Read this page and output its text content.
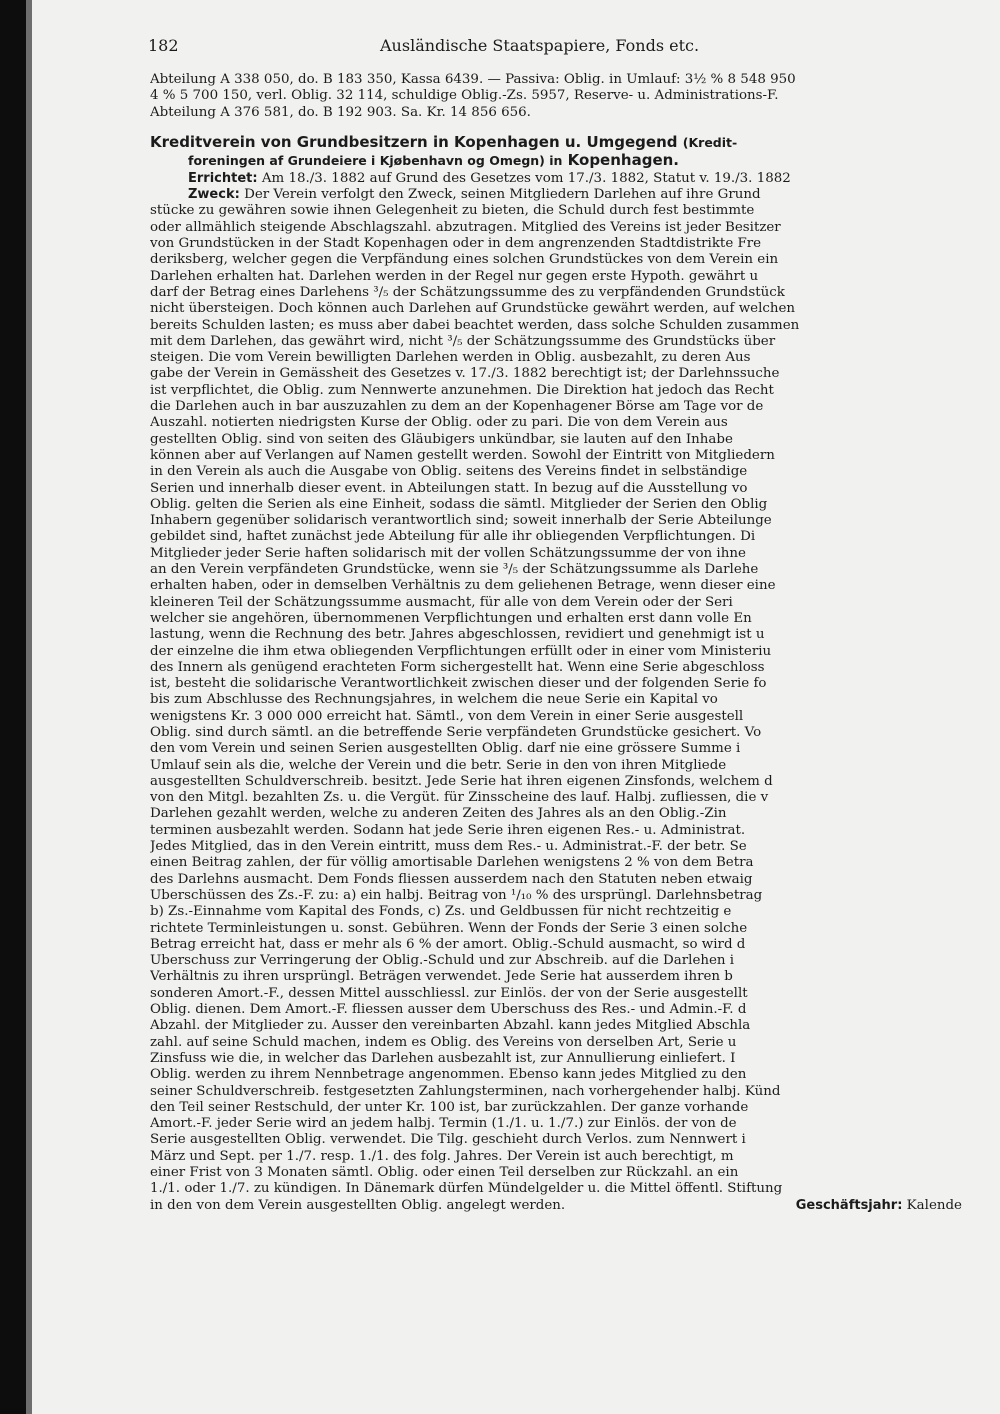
182	Ausländische Staatspapiere, Fonds etc.
Abteilung A 338 050, do. B 183 350, Kassa 6439. — Passiva: Oblig. in Umlauf: 3½ % 8 548 950
4 % 5 700 150, verl. Oblig. 32 114, schuldige Oblig.-Zs. 5957, Reserve- u. Administrations-F.
Abteilung A 376 581, do. B 192 903. Sa. Kr. 14 856 656.
Kreditverein von Grundbesitzern in Kopenhagen u. Umgegend (Kredit-
foreningen af Grundeiere i Kjøbenhavn og Omegn) in Kopenhagen.
Errichtet: Am 18./3. 1882 auf Grund des Gesetzes vom 17./3. 1882, Statut v. 19./3. 1882
Zweck: Der Verein verfolgt den Zweck, seinen Mitgliedern Darlehen auf ihre Grund
stücke zu gewähren sowie ihnen Gelegenheit zu bieten, die Schuld durch fest bestimmte
oder allmählich steigende Abschlagszahl. abzutragen. Mitglied des Vereins ist jeder Besitzer
von Grundstücken in der Stadt Kopenhagen oder in dem angrenzenden Stadtdistrikte Fre
deriksberg, welcher gegen die Verpfändung eines solchen Grundstückes von dem Verein ein
Darlehen erhalten hat. Darlehen werden in der Regel nur gegen erste Hypoth. gewährt u
darf der Betrag eines Darlehens ³/₅ der Schätzungssumme des zu verpfändenden Grundstück
nicht übersteigen. Doch können auch Darlehen auf Grundstücke gewährt werden, auf welchen
bereits Schulden lasten; es muss aber dabei beachtet werden, dass solche Schulden zusammen
mit dem Darlehen, das gewährt wird, nicht ³/₅ der Schätzungssumme des Grundstücks über
steigen. Die vom Verein bewilligten Darlehen werden in Oblig. ausbezahlt, zu deren Aus
gabe der Verein in Gemässheit des Gesetzes v. 17./3. 1882 berechtigt ist; der Darlehnssuche
ist verpflichtet, die Oblig. zum Nennwerte anzunehmen. Die Direktion hat jedoch das Recht
die Darlehen auch in bar auszuzahlen zu dem an der Kopenhagener Börse am Tage vor de
Auszahl. notierten niedrigsten Kurse der Oblig. oder zu pari. Die von dem Verein aus
gestellten Oblig. sind von seiten des Gläubigers unkündbar, sie lauten auf den Inhabe
können aber auf Verlangen auf Namen gestellt werden. Sowohl der Eintritt von Mitgliedern
in den Verein als auch die Ausgabe von Oblig. seitens des Vereins findet in selbständige
Serien und innerhalb dieser event. in Abteilungen statt. In bezug auf die Ausstellung vo
Oblig. gelten die Serien als eine Einheit, sodass die sämtl. Mitglieder der Serien den Oblig
Inhabern gegenüber solidarisch verantwortlich sind; soweit innerhalb der Serie Abteilunge
gebildet sind, haftet zunächst jede Abteilung für alle ihr obliegenden Verpflichtungen. Di
Mitglieder jeder Serie haften solidarisch mit der vollen Schätzungssumme der von ihne
an den Verein verpfändeten Grundstücke, wenn sie ³/₅ der Schätzungssumme als Darlehe
erhalten haben, oder in demselben Verhältnis zu dem geliehenen Betrage, wenn dieser eine
kleineren Teil der Schätzungssumme ausmacht, für alle von dem Verein oder der Seri
welcher sie angehören, übernommenen Verpflichtungen und erhalten erst dann volle En
lastung, wenn die Rechnung des betr. Jahres abgeschlossen, revidiert und genehmigt ist u
der einzelne die ihm etwa obliegenden Verpflichtungen erfüllt oder in einer vom Ministeriu
des Innern als genügend erachteten Form sichergestellt hat. Wenn eine Serie abgeschloss
ist, besteht die solidarische Verantwortlichkeit zwischen dieser und der folgenden Serie fo
bis zum Abschlusse des Rechnungsjahres, in welchem die neue Serie ein Kapital vo
wenigstens Kr. 3 000 000 erreicht hat. Sämtl., von dem Verein in einer Serie ausgestell
Oblig. sind durch sämtl. an die betreffende Serie verpfändeten Grundstücke gesichert. Vo
den vom Verein und seinen Serien ausgestellten Oblig. darf nie eine grössere Summe i
Umlauf sein als die, welche der Verein und die betr. Serie in den von ihren Mitgliede
ausgestellten Schuldverschreib. besitzt. Jede Serie hat ihren eigenen Zinsfonds, welchem d
von den Mitgl. bezahlten Zs. u. die Vergüt. für Zinsscheine des lauf. Halbj. zufliessen, die v
Darlehen gezahlt werden, welche zu anderen Zeiten des Jahres als an den Oblig.-Zin
terminen ausbezahlt werden. Sodann hat jede Serie ihren eigenen Res.- u. Administrat.
Jedes Mitglied, das in den Verein eintritt, muss dem Res.- u. Administrat.-F. der betr. Se
einen Beitrag zahlen, der für völlig amortisable Darlehen wenigstens 2 % von dem Betra
des Darlehns ausmacht. Dem Fonds fliessen ausserdem nach den Statuten neben etwaig
Überschüssen des Zs.-F. zu: a) ein halbj. Beitrag von ¹/₁₀ % des ursprüngl. Darlehnsbetrag
b) Zs.-Einnahme vom Kapital des Fonds, c) Zs. und Geldbussen für nicht rechtzeitig e
richtete Terminleistungen u. sonst. Gebühren. Wenn der Fonds der Serie 3 einen solche
Betrag erreicht hat, dass er mehr als 6 % der amort. Oblig.-Schuld ausmacht, so wird d
Überschuss zur Verringerung der Oblig.-Schuld und zur Abschreib. auf die Darlehen i
Verhältnis zu ihren ursprüngl. Beträgen verwendet. Jede Serie hat ausserdem ihren b
sonderen Amort.-F., dessen Mittel ausschliessl. zur Einlös. der von der Serie ausgestellt
Oblig. dienen. Dem Amort.-F. fliessen ausser dem Überschuss des Res.- und Admin.-F. d
Abzahl. der Mitglieder zu. Ausser den vereinbarten Abzahl. kann jedes Mitglied Abschla
zahl. auf seine Schuld machen, indem es Oblig. des Vereins von derselben Art, Serie u
Zinsfuss wie die, in welcher das Darlehen ausbezahlt ist, zur Annullierung einliefert. I
Oblig. werden zu ihrem Nennbetrage angenommen. Ebenso kann jedes Mitglied zu den
seiner Schuldverschreib. festgesetzten Zahlungsterminen, nach vorhergehender halbj. Künd
den Teil seiner Restschuld, der unter Kr. 100 ist, bar zurückzahlen. Der ganze vorhande
Amort.-F. jeder Serie wird an jedem halbj. Termin (1./1. u. 1./7.) zur Einlös. der von de
Serie ausgestellten Oblig. verwendet. Die Tilg. geschieht durch Verlos. zum Nennwert i
März und Sept. per 1./7. resp. 1./1. des folg. Jahres. Der Verein ist auch berechtigt, m
einer Frist von 3 Monaten sämtl. Oblig. oder einen Teil derselben zur Rückzahl. an ein
1./1. oder 1./7. zu kündigen. In Dänemark dürfen Mündelgelder u. die Mittel öffentl. Stiftung
in den von dem Verein ausgestellten Oblig. angelegt werden.	Geschäftsjahr: Kalende
